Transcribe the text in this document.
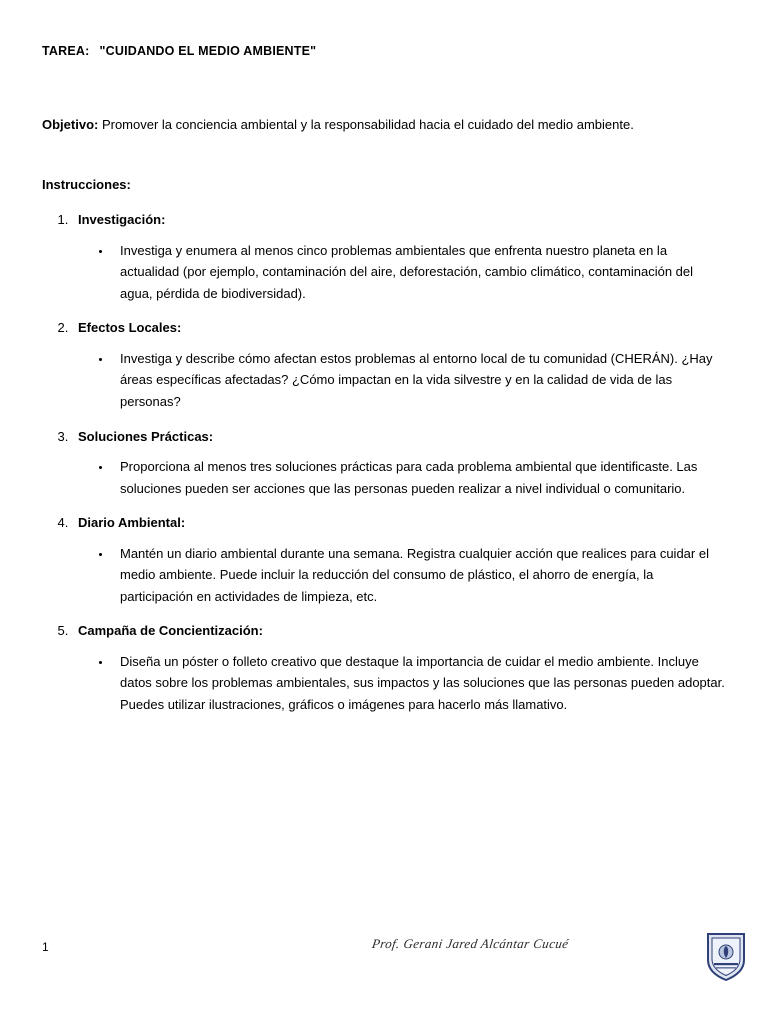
TAREA: "CUIDANDO EL MEDIO AMBIENTE"

Objetivo: Promover la conciencia ambiental y la responsabilidad hacia el cuidado del medio ambiente.

Instrucciones:

1. Investigación:
• Investiga y enumera al menos cinco problemas ambientales que enfrenta nuestro planeta en la actualidad (por ejemplo, contaminación del aire, deforestación, cambio climático, contaminación del agua, pérdida de biodiversidad).
2. Efectos Locales:
• Investiga y describe cómo afectan estos problemas al entorno local de tu comunidad (CHERÁN). ¿Hay áreas específicas afectadas? ¿Cómo impactan en la vida silvestre y en la calidad de vida de las personas?
3. Soluciones Prácticas:
• Proporciona al menos tres soluciones prácticas para cada problema ambiental que identificaste. Las soluciones pueden ser acciones que las personas pueden realizar a nivel individual o comunitario.
4. Diario Ambiental:
• Mantén un diario ambiental durante una semana. Registra cualquier acción que realices para cuidar el medio ambiente. Puede incluir la reducción del consumo de plástico, el ahorro de energía, la participación en actividades de limpieza, etc.
5. Campaña de Concientización:
• Diseña un póster o folleto creativo que destaque la importancia de cuidar el medio ambiente. Incluye datos sobre los problemas ambientales, sus impactos y las soluciones que las personas pueden adoptar. Puedes utilizar ilustraciones, gráficos o imágenes para hacerlo más llamativo.
1	Prof. Gerani Jared Alcántar Cucué
